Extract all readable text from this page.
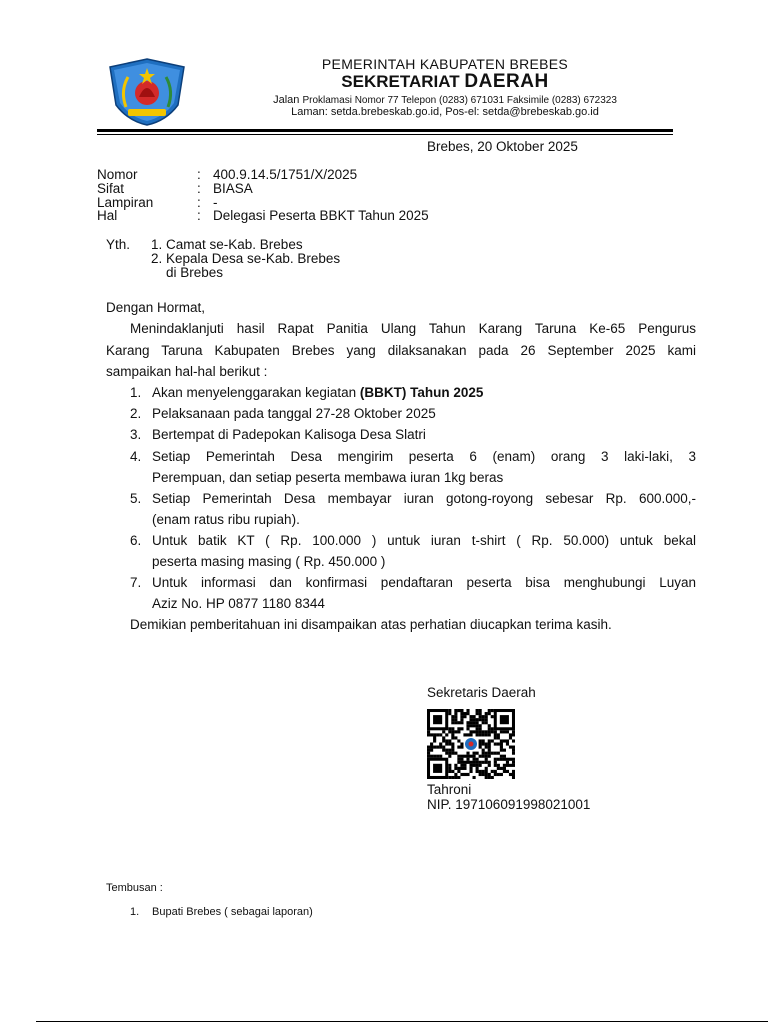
PEMERINTAH KABUPATEN BREBES
SEKRETARIAT DAERAH
Jalan Proklamasi Nomor 77 Telepon (0283) 671031 Faksimile (0283) 672323
Laman: setda.brebeskab.go.id, Pos-el: setda@brebeskab.go.id
Brebes, 20 Oktober 2025
Nomor	: 400.9.14.5/1751/X/2025
Sifat	: BIASA
Lampiran	: -
Hal	: Delegasi Peserta BBKT Tahun 2025
Yth. 1. Camat se-Kab. Brebes
2. Kepala Desa se-Kab. Brebes
di Brebes
Dengan Hormat,
Menindaklanjuti hasil Rapat Panitia Ulang Tahun Karang Taruna Ke-65 Pengurus
Karang Taruna Kabupaten Brebes yang dilaksanakan pada 26 September 2025 kami
sampaikan hal-hal berikut :
1. Akan menyelenggarakan kegiatan (BBKT) Tahun 2025
2. Pelaksanaan pada tanggal 27-28 Oktober 2025
3. Bertempat di Padepokan Kalisoga Desa Slatri
4. Setiap Pemerintah Desa mengirim peserta 6 (enam) orang 3 laki-laki, 3
Perempuan, dan setiap peserta membawa iuran 1kg beras
5. Setiap Pemerintah Desa membayar iuran gotong-royong sebesar Rp. 600.000,-
(enam ratus ribu rupiah).
6. Untuk batik KT ( Rp. 100.000 ) untuk iuran t-shirt ( Rp. 50.000) untuk bekal
peserta masing masing ( Rp. 450.000 )
7. Untuk informasi dan konfirmasi pendaftaran peserta bisa menghubungi Luyan
Aziz No. HP 0877 1180 8344
Demikian pemberitahuan ini disampaikan atas perhatian diucapkan terima kasih.
Sekretaris Daerah
Tahroni
NIP. 197106091998021001
Tembusan :
1. Bupati Brebes ( sebagai laporan)
